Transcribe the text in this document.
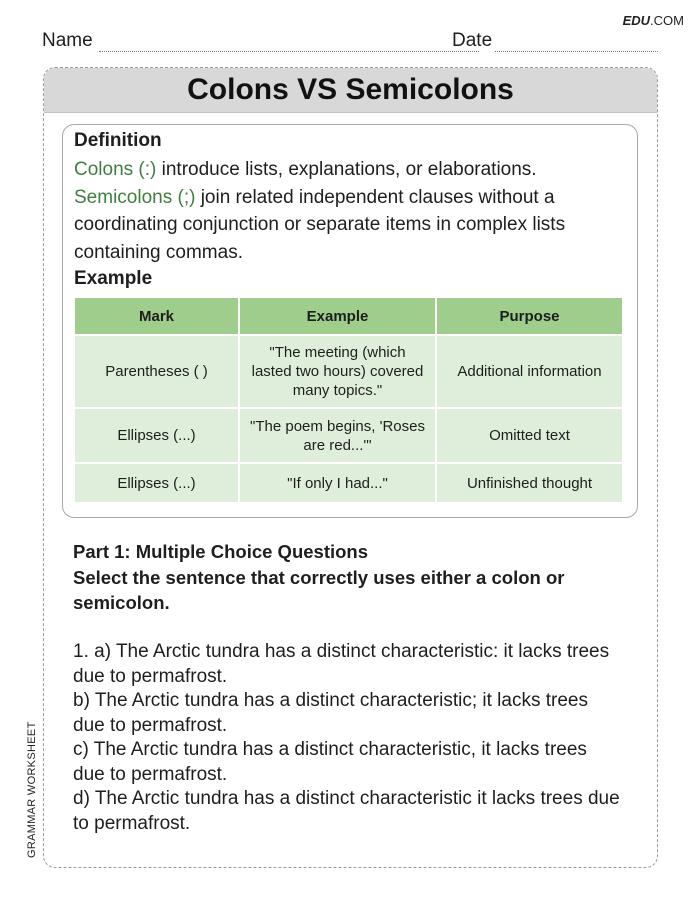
EDU.COM
GRAMMAR WORKSHEET
Name	Date
Colons VS Semicolons
Definition
Colons (:) introduce lists, explanations, or elaborations.
Semicolons (;) join related independent clauses without a coordinating conjunction or separate items in complex lists containing commas.
Example
Mark	Example	Purpose
Parentheses ( )	"The meeting (which lasted two hours) covered many topics."	Additional information
Ellipses (...)	"The poem begins, 'Roses are red...'"	Omitted text
Ellipses (...)	"If only I had..."	Unfinished thought
Part 1: Multiple Choice Questions
Select the sentence that correctly uses either a colon or semicolon.
1. a) The Arctic tundra has a distinct characteristic: it lacks trees due to permafrost.
b) The Arctic tundra has a distinct characteristic; it lacks trees due to permafrost.
c) The Arctic tundra has a distinct characteristic, it lacks trees due to permafrost.
d) The Arctic tundra has a distinct characteristic it lacks trees due to permafrost.
